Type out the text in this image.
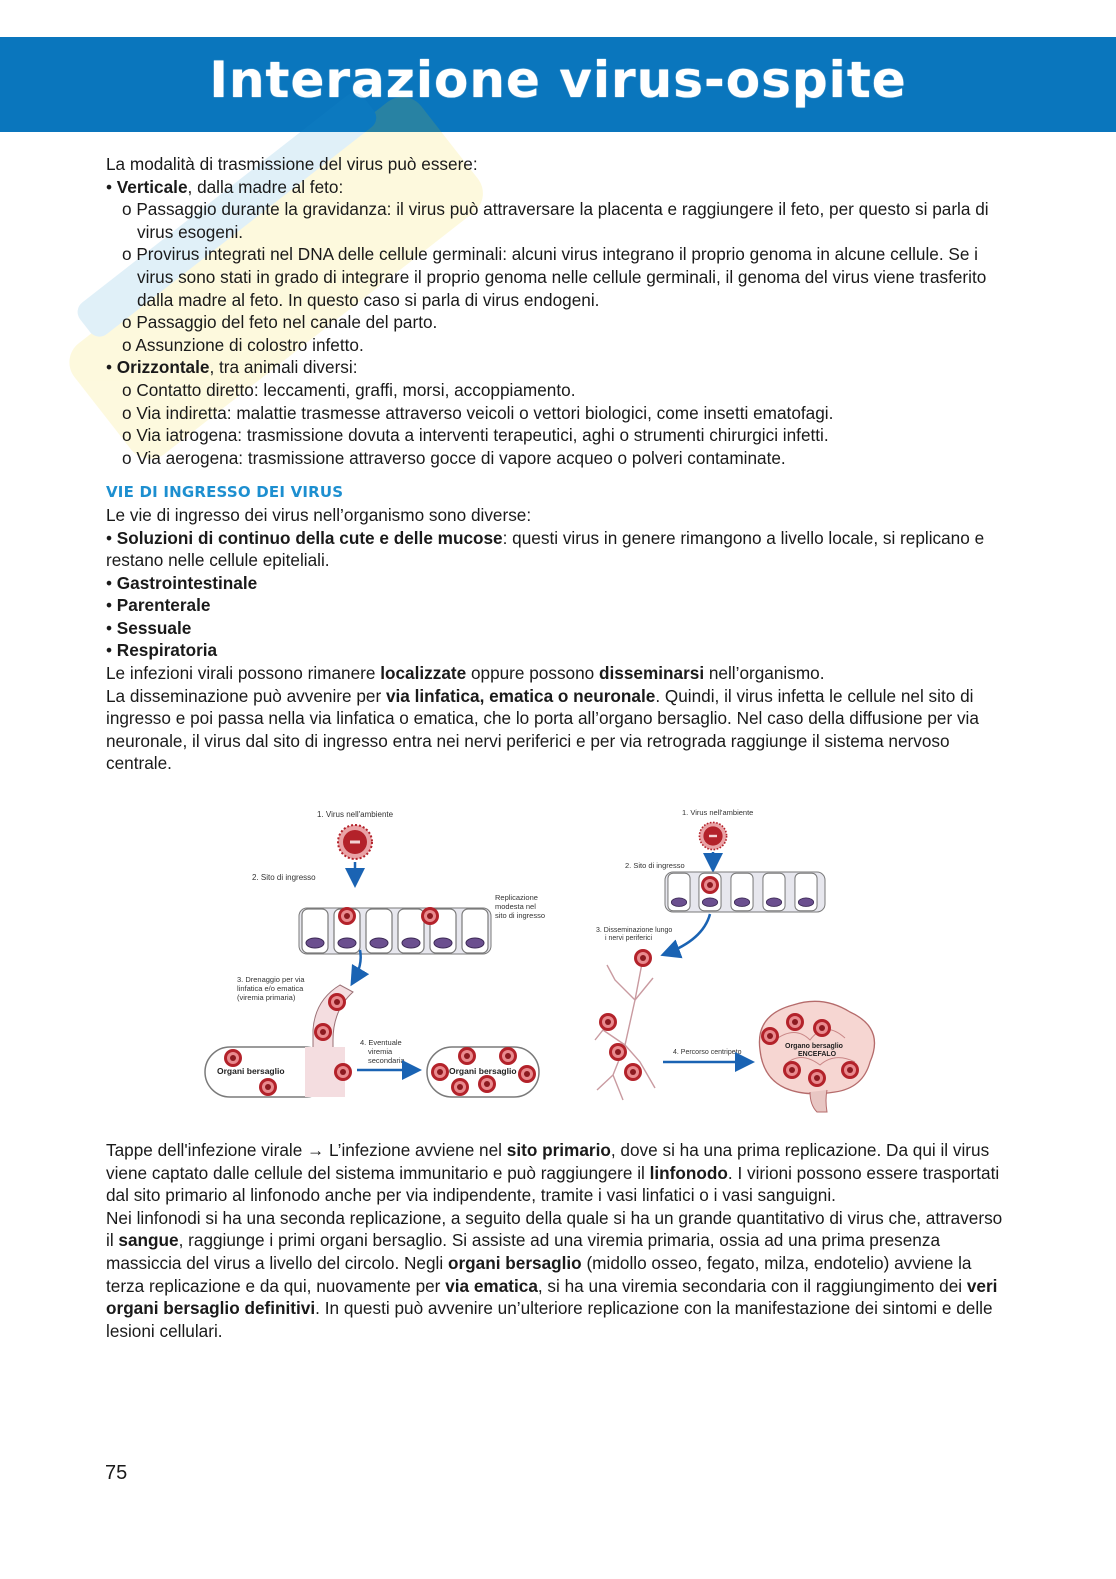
Interazione virus-ospite

La modalità di trasmissione del virus può essere:

• Verticale, dalla madre al feto:

o Passaggio durante la gravidanza: il virus può attraversare la placenta e raggiungere il feto, per questo si parla di virus esogeni.

o Provirus integrati nel DNA delle cellule germinali: alcuni virus integrano il proprio genoma in alcune cellule. Se i virus sono stati in grado di integrare il proprio genoma nelle cellule germinali, il genoma del virus viene trasferito dalla madre al feto. In questo caso si parla di virus endogeni.

o Passaggio del feto nel canale del parto.

o Assunzione di colostro infetto.

• Orizzontale, tra animali diversi:

o Contatto diretto: leccamenti, graffi, morsi, accoppiamento.

o Via indiretta: malattie trasmesse attraverso veicoli o vettori biologici, come insetti ematofagi.

o Via iatrogena: trasmissione dovuta a interventi terapeutici, aghi o strumenti chirurgici infetti.

o Via aerogena: trasmissione attraverso gocce di vapore acqueo o polveri contaminate.

VIE DI INGRESSO DEI VIRUS

Le vie di ingresso dei virus nell’organismo sono diverse:

• Soluzioni di continuo della cute e delle mucose: questi virus in genere rimangono a livello locale, si replicano e restano nelle cellule epiteliali.

• Gastrointestinale

• Parenterale

• Sessuale

• Respiratoria

Le infezioni virali possono rimanere localizzate oppure possono disseminarsi nell’organismo.

La disseminazione può avvenire per via linfatica, ematica o neuronale. Quindi, il virus infetta le cellule nel sito di ingresso e poi passa nella via linfatica o ematica, che lo porta all’organo bersaglio. Nel caso della diffusione per via neuronale, il virus dal sito di ingresso entra nei nervi periferici e per via retrograda raggiunge il sistema nervoso centrale.

1. Virus nell'ambiente
2. Sito di ingresso
Replicazione
modesta nel
sito di ingresso
3. Drenaggio per via
linfatica e/o ematica
(viremia primaria)
Organi bersaglio
4. Eventuale
viremia
secondaria
Organi bersaglio
1. Virus nell'ambiente
2. Sito di ingresso
3. Disseminazione lungo
i nervi periferici
4. Percorso centripeto
Organo bersaglio
ENCEFALO

Tappe dell'infezione virale → L’infezione avviene nel sito primario, dove si ha una prima replicazione. Da qui il virus viene captato dalle cellule del sistema immunitario e può raggiungere il linfonodo. I virioni possono essere trasportati dal sito primario al linfonodo anche per via indipendente, tramite i vasi linfatici o i vasi sanguigni.

Nei linfonodi si ha una seconda replicazione, a seguito della quale si ha un grande quantitativo di virus che, attraverso il sangue, raggiunge i primi organi bersaglio. Si assiste ad una viremia primaria, ossia ad una prima presenza massiccia del virus a livello del circolo. Negli organi bersaglio (midollo osseo, fegato, milza, endotelio) avviene la terza replicazione e da qui, nuovamente per via ematica, si ha una viremia secondaria con il raggiungimento dei veri organi bersaglio definitivi. In questi può avvenire un’ulteriore replicazione con la manifestazione dei sintomi e delle lesioni cellulari.

75
